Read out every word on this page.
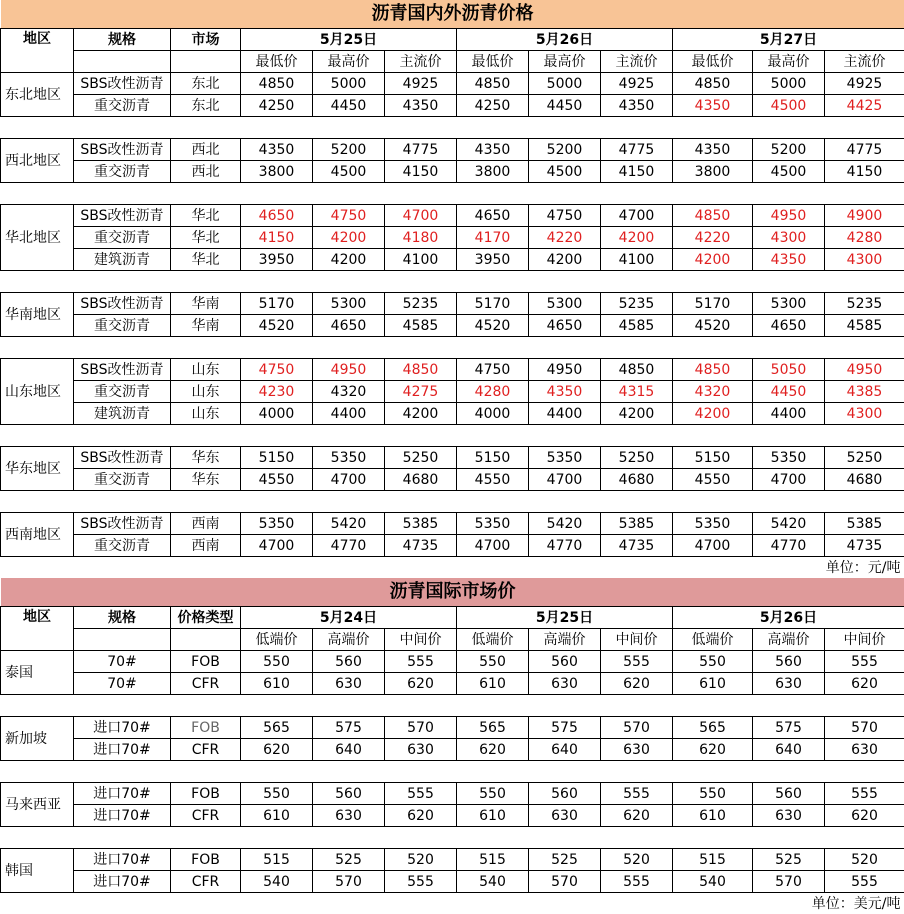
沥青国内外沥青价格											
地区	规格	市场	5月25日			5月26日			5月27日		
			最低价	最高价	主流价	最低价	最高价	主流价	最低价	最高价	主流价
东北地区	SBS改性沥青	东北	4850	5000	4925	4850	5000	4925	4850	5000	4925
	重交沥青	东北	4250	4450	4350	4250	4450	4350	4350	4500	4425

西北地区	SBS改性沥青	西北	4350	5200	4775	4350	5200	4775	4350	5200	4775
	重交沥青	西北	3800	4500	4150	3800	4500	4150	3800	4500	4150

华北地区	SBS改性沥青	华北	4650	4750	4700	4650	4750	4700	4850	4950	4900
	重交沥青	华北	4150	4200	4180	4170	4220	4200	4220	4300	4280
	建筑沥青	华北	3950	4200	4100	3950	4200	4100	4200	4350	4300

华南地区	SBS改性沥青	华南	5170	5300	5235	5170	5300	5235	5170	5300	5235
	重交沥青	华南	4520	4650	4585	4520	4650	4585	4520	4650	4585

山东地区	SBS改性沥青	山东	4750	4950	4850	4750	4950	4850	4850	5050	4950
	重交沥青	山东	4230	4320	4275	4280	4350	4315	4320	4450	4385
	建筑沥青	山东	4000	4400	4200	4000	4400	4200	4200	4400	4300

华东地区	SBS改性沥青	华东	5150	5350	5250	5150	5350	5250	5150	5350	5250
	重交沥青	华东	4550	4700	4680	4550	4700	4680	4550	4700	4680

西南地区	SBS改性沥青	西南	5350	5420	5385	5350	5420	5385	5350	5420	5385
	重交沥青	西南	4700	4770	4735	4700	4770	4735	4700	4770	4735
单位：元/吨											
沥青国际市场价											
地区	规格	价格类型	5月24日			5月25日			5月26日		
			低端价	高端价	中间价	低端价	高端价	中间价	低端价	高端价	中间价
泰国	70#	FOB	550	560	555	550	560	555	550	560	555
	70#	CFR	610	630	620	610	630	620	610	630	620

新加坡	进口70#	FOB	565	575	570	565	575	570	565	575	570
	进口70#	CFR	620	640	630	620	640	630	620	640	630

马来西亚	进口70#	FOB	550	560	555	550	560	555	550	560	555
	进口70#	CFR	610	630	620	610	630	620	610	630	620

韩国	进口70#	FOB	515	525	520	515	525	520	515	525	520
	进口70#	CFR	540	570	555	540	570	555	540	570	555
单位：美元/吨											
